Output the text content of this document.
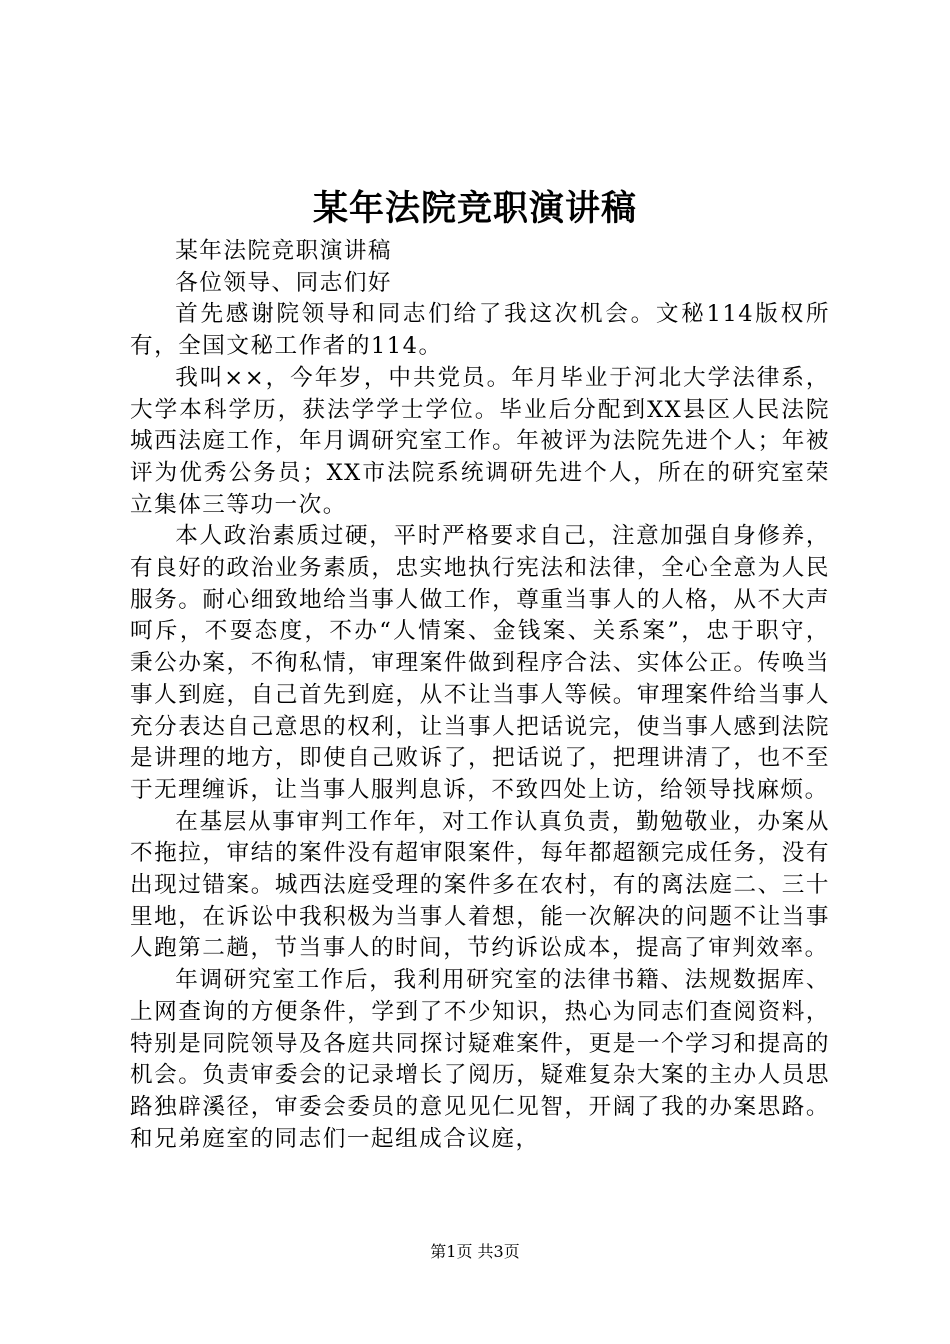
某年法院竞职演讲稿

某年法院竞职演讲稿

各位领导、同志们好

首先感谢院领导和同志们给了我这次机会。文秘114版权所有，全国文秘工作者的114。

我叫××，今年岁，中共党员。年月毕业于河北大学法律系，大学本科学历，获法学学士学位。毕业后分配到XX县区人民法院城西法庭工作，年月调研究室工作。年被评为法院先进个人；年被评为优秀公务员；XX市法院系统调研先进个人，所在的研究室荣立集体三等功一次。

本人政治素质过硬，平时严格要求自己，注意加强自身修养，有良好的政治业务素质，忠实地执行宪法和法律，全心全意为人民服务。耐心细致地给当事人做工作，尊重当事人的人格，从不大声呵斥，不耍态度，不办“人情案、金钱案、关系案”，忠于职守，秉公办案，不徇私情，审理案件做到程序合法、实体公正。传唤当事人到庭，自己首先到庭，从不让当事人等候。审理案件给当事人充分表达自己意思的权利，让当事人把话说完，使当事人感到法院是讲理的地方，即使自己败诉了，把话说了，把理讲清了，也不至于无理缠诉，让当事人服判息诉，不致四处上访，给领导找麻烦。

在基层从事审判工作年，对工作认真负责，勤勉敬业，办案从不拖拉，审结的案件没有超审限案件，每年都超额完成任务，没有出现过错案。城西法庭受理的案件多在农村，有的离法庭二、三十里地，在诉讼中我积极为当事人着想，能一次解决的问题不让当事人跑第二趟，节当事人的时间，节约诉讼成本，提高了审判效率。

年调研究室工作后，我利用研究室的法律书籍、法规数据库、上网查询的方便条件，学到了不少知识，热心为同志们查阅资料，特别是同院领导及各庭共同探讨疑难案件，更是一个学习和提高的机会。负责审委会的记录增长了阅历，疑难复杂大案的主办人员思路独辟溪径，审委会委员的意见见仁见智，开阔了我的办案思路。和兄弟庭室的同志们一起组成合议庭，

第1页 共3页
